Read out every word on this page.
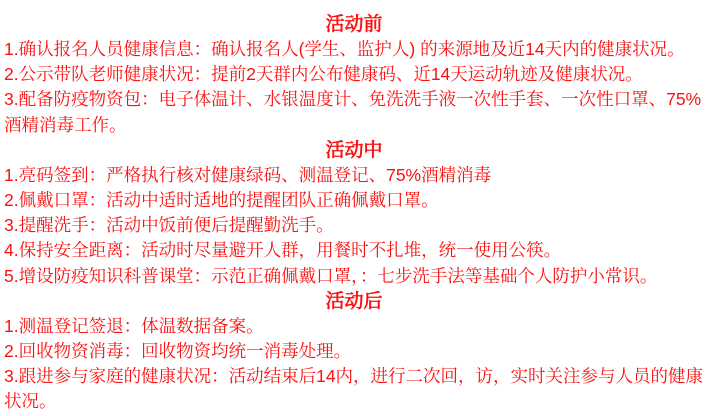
活动前

1.确认报名人员健康信息：确认报名人(学生、监护人) 的来源地及近14天内的健康状况。

2.公示带队老师健康状况：提前2天群内公布健康码、近14天运动轨迹及健康状况。

3.配备防疫物资包：电子体温计、水银温度计、免洗洗手液一次性手套、一次性口罩、75%酒精消毒工作。

活动中

1.亮码签到：严格执行核对健康绿码、测温登记、75%酒精消毒

2.佩戴口罩：活动中适时适地的提醒团队正确佩戴口罩。

3.提醒洗手：活动中饭前便后提醒勤洗手。

4.保持安全距离：活动时尽量避开人群，用餐时不扎堆，统一使用公筷。

5.增设防疫知识科普课堂：示范正确佩戴口罩，：七步洗手法等基础个人防护小常识。

活动后

1.测温登记签退：体温数据备案。

2.回收物资消毒：回收物资均统一消毒处理。

3.跟进参与家庭的健康状况：活动结束后14内，进行二次回，访，实时关注参与人员的健康状况。
